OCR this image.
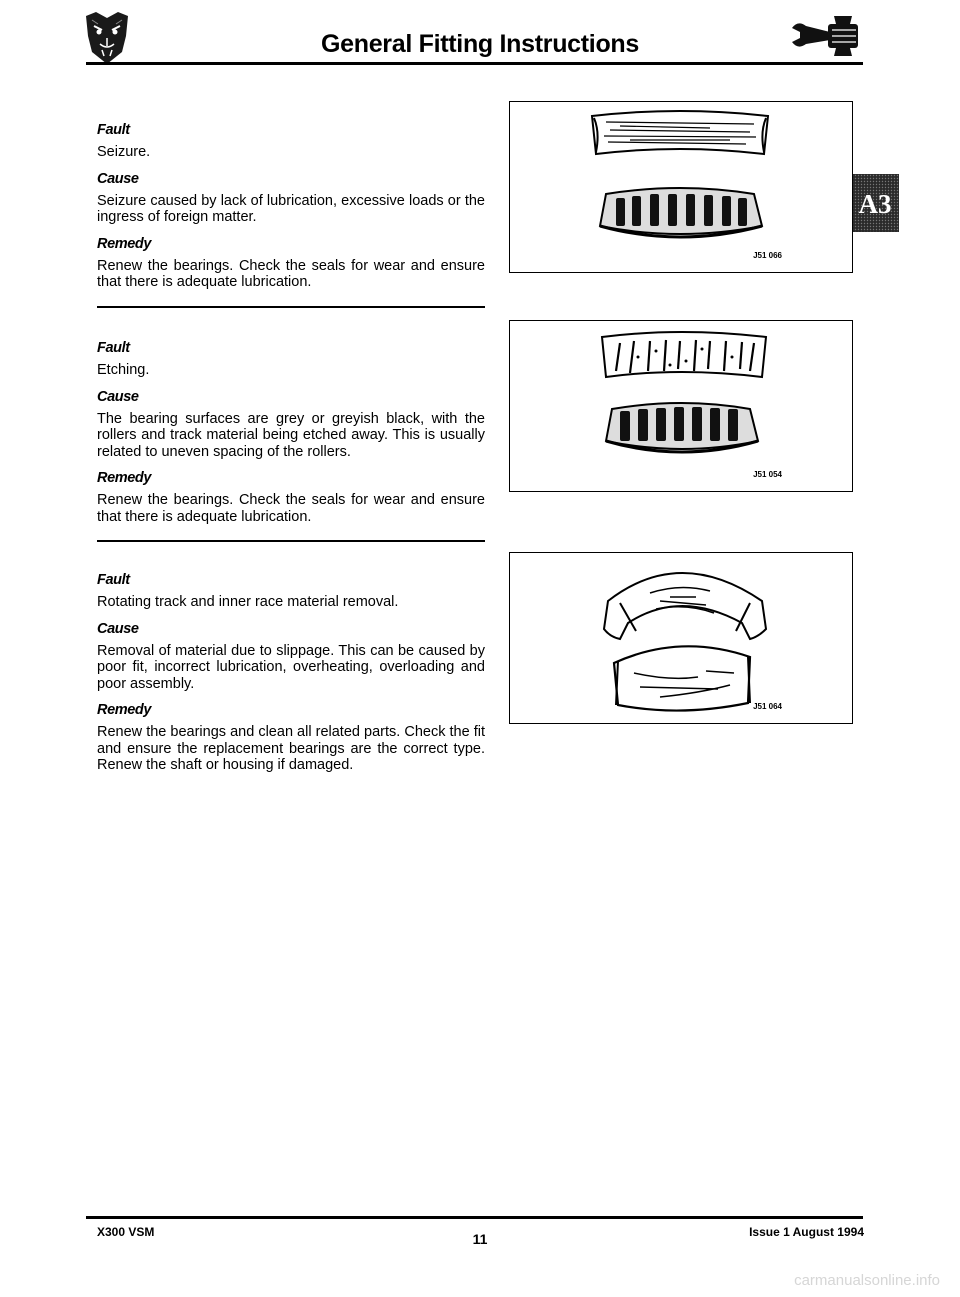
General Fitting Instructions
A3

Fault

Seizure.

Cause

Seizure caused by lack of lubrication, excessive loads or the ingress of foreign matter.

Remedy

Renew the bearings. Check the seals for wear and ensure that there is adequate lubrication.

J51 066

Fault

Etching.

Cause

The bearing surfaces are grey or greyish black, with the rollers and track material being etched away. This is usually related to uneven spacing of the rollers.

Remedy

Renew the bearings. Check the seals for wear and ensure that there is adequate lubrication.

J51 054

Fault

Rotating track and inner race material removal.

Cause

Removal of material due to slippage. This can be caused by poor fit, incorrect lubrication, overheating, overloading and poor assembly.

Remedy

Renew the bearings and clean all related parts. Check the fit and ensure the replacement bearings are the correct type. Renew the shaft or housing if damaged.

J51 064
X300 VSM	11	Issue 1 August 1994
carmanualsonline.info
